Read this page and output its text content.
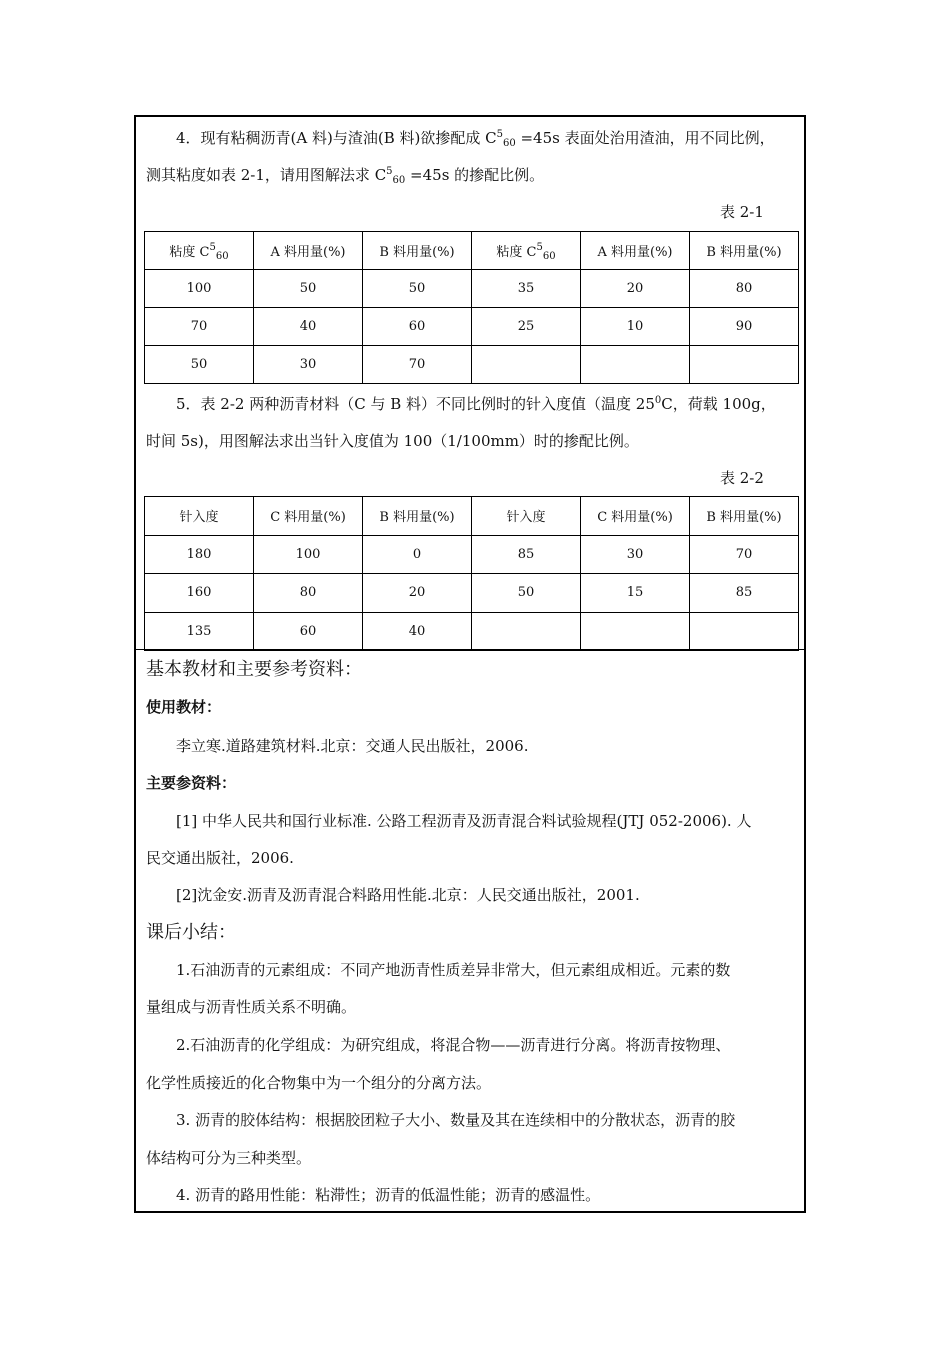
4．现有粘稠沥青(A 料)与渣油(B 料)欲掺配成 $C^5_{60} =45s$ 表面处治用渣油，用不同比例，
测其粘度如表 2-1，请用图解法求 $C^5_{60} =45s$ 的掺配比例。
表 2-1
粘度 $C^5_{60}$	A 料用量(%)	B 料用量(%)	粘度 $C^5_{60}$	A 料用量(%)	B 料用量(%)
100	50	50	35	20	80
70	40	60	25	10	90
50	30	70			
5．表 2-2 两种沥青材料（C 与 B 料）不同比例时的针入度值（温度 $25^0C$，荷载 100g，
时间 5s)，用图解法求出当针入度值为 100（1/100mm）时的掺配比例。
表 2-2
针入度	C 料用量(%)	B 料用量(%)	针入度	C 料用量(%)	B 料用量(%)
180	100	0	85	30	70
160	80	20	50	15	85
135	60	40			
基本教材和主要参考资料：
使用教材：
李立寒.道路建筑材料.北京：交通人民出版社，2006.
主要参资料：
[1] 中华人民共和国行业标准. 公路工程沥青及沥青混合料试验规程(JTJ 052-2006). 人
民交通出版社，2006.
[2]沈金安.沥青及沥青混合料路用性能.北京：人民交通出版社，2001.
课后小结：
1.石油沥青的元素组成：不同产地沥青性质差异非常大，但元素组成相近。元素的数
量组成与沥青性质关系不明确。
2.石油沥青的化学组成：为研究组成，将混合物——沥青进行分离。将沥青按物理、
化学性质接近的化合物集中为一个组分的分离方法。
3. 沥青的胶体结构：根据胶团粒子大小、数量及其在连续相中的分散状态，沥青的胶
体结构可分为三种类型。
4. 沥青的路用性能：粘滞性；沥青的低温性能；沥青的感温性。
